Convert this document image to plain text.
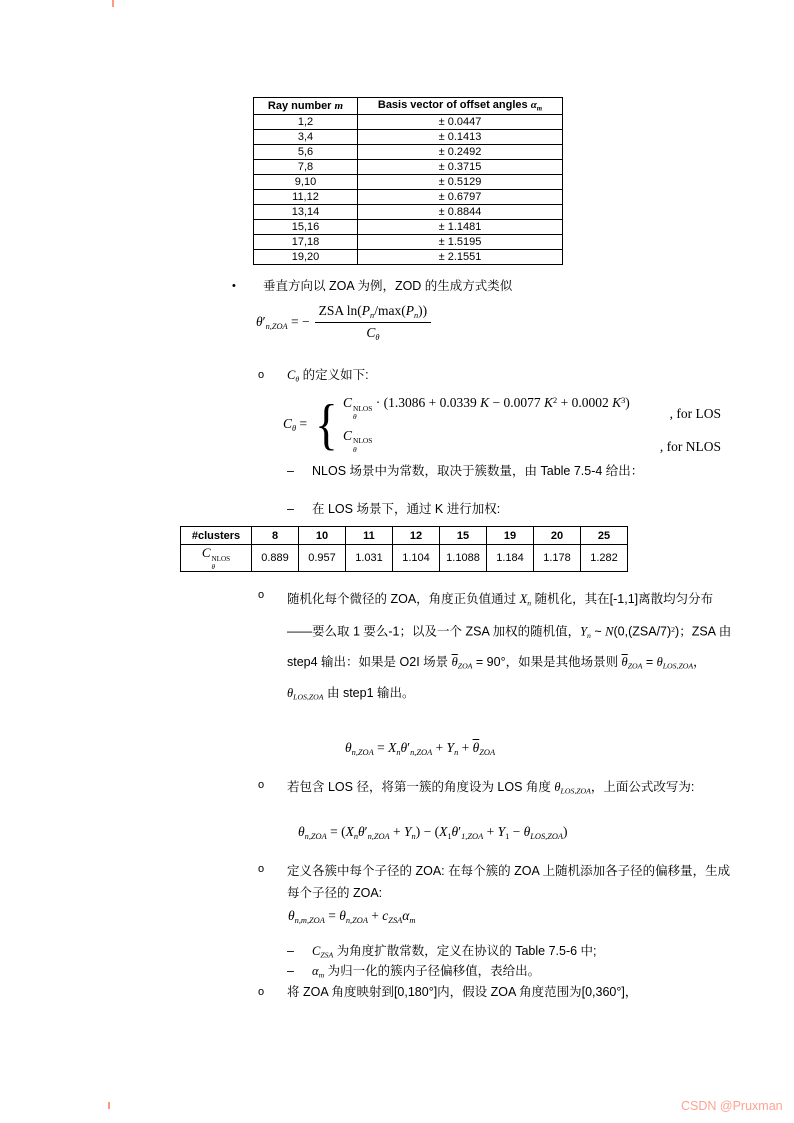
Ray number m	Basis vector of offset angles $\alpha_m$
1,2	± 0.0447
3,4	± 0.1413
5,6	± 0.2492
7,8	± 0.3715
9,10	± 0.5129
11,12	± 0.6797
13,14	± 0.8844
15,16	± 1.1481
17,18	± 1.5195
19,20	± 2.1551
•	垂直方向以 ZOA 为例，ZOD 的生成方式类似
$\theta'_{n,ZOA}$ = − $\frac{ZSA \ln(P_n/\max(P_n))}{C_\theta}$
o	$C_\theta$ 的定义如下:
$C_\theta$ = { C NLOS
θ
· (1.3086 + 0.0339 K − 0.0077 $K^2 + 0.0002$ $K^3$)
, for LOS
C NLOS
θ	, for NLOS
–	NLOS 场景中为常数，取决于簇数量，由 Table 7.5-4 给出：
–	在 LOS 场景下，通过 K 进行加权:
#clusters	8	10	11	12	15	19	20	25
C NLOS
θ	0.889	0.957	1.031	1.104	1.1088	1.184	1.178	1.282
o	随机化每个微径的 ZOA，角度正负值通过 $X_n$ 随机化，其在[-1,1]离散均匀分布——要么取 1 要么-1；以及一个 ZSA 加权的随机值，$Y_n$ ~ $N(0,(ZSA/7)^2)$；ZSA 由 step4 输出：如果是 O2I 场景 $\overline{\theta}_{ZOA} = 90^\circ$，如果是其他场景则 $\overline{\theta}_{ZOA} = \theta_{LOS,ZOA}$，$\theta_{LOS,ZOA}$ 由 step1 输出。
$\theta_{n,ZOA} = X_n\theta'_{n,ZOA} + Y_n + \overline{\theta}_{ZOA}$
o	若包含 LOS 径，将第一簇的角度设为 LOS 角度 $\theta_{LOS,ZOA}$，上面公式改写为:
$\theta_{n,ZOA} = (X_n\theta'_{n,ZOA} + Y_n) - (X_1\theta'_{1,ZOA} + Y_1 - \theta_{LOS,ZOA})$
o	定义各簇中每个子径的 ZOA: 在每个簇的 ZOA 上随机添加各子径的偏移量，生成每个子径的 ZOA:
$\theta_{n,m,ZOA} = \theta_{n,ZOA} + c_{ZSA}\alpha_m$
–	$C_{ZSA}$ 为角度扩散常数，定义在协议的 Table 7.5-6 中;
–	$\alpha_m$ 为归一化的簇内子径偏移值，表给出。
o	将 ZOA 角度映射到[0,180°]内，假设 ZOA 角度范围为[0,360°]，
CSDN @Pruxman
